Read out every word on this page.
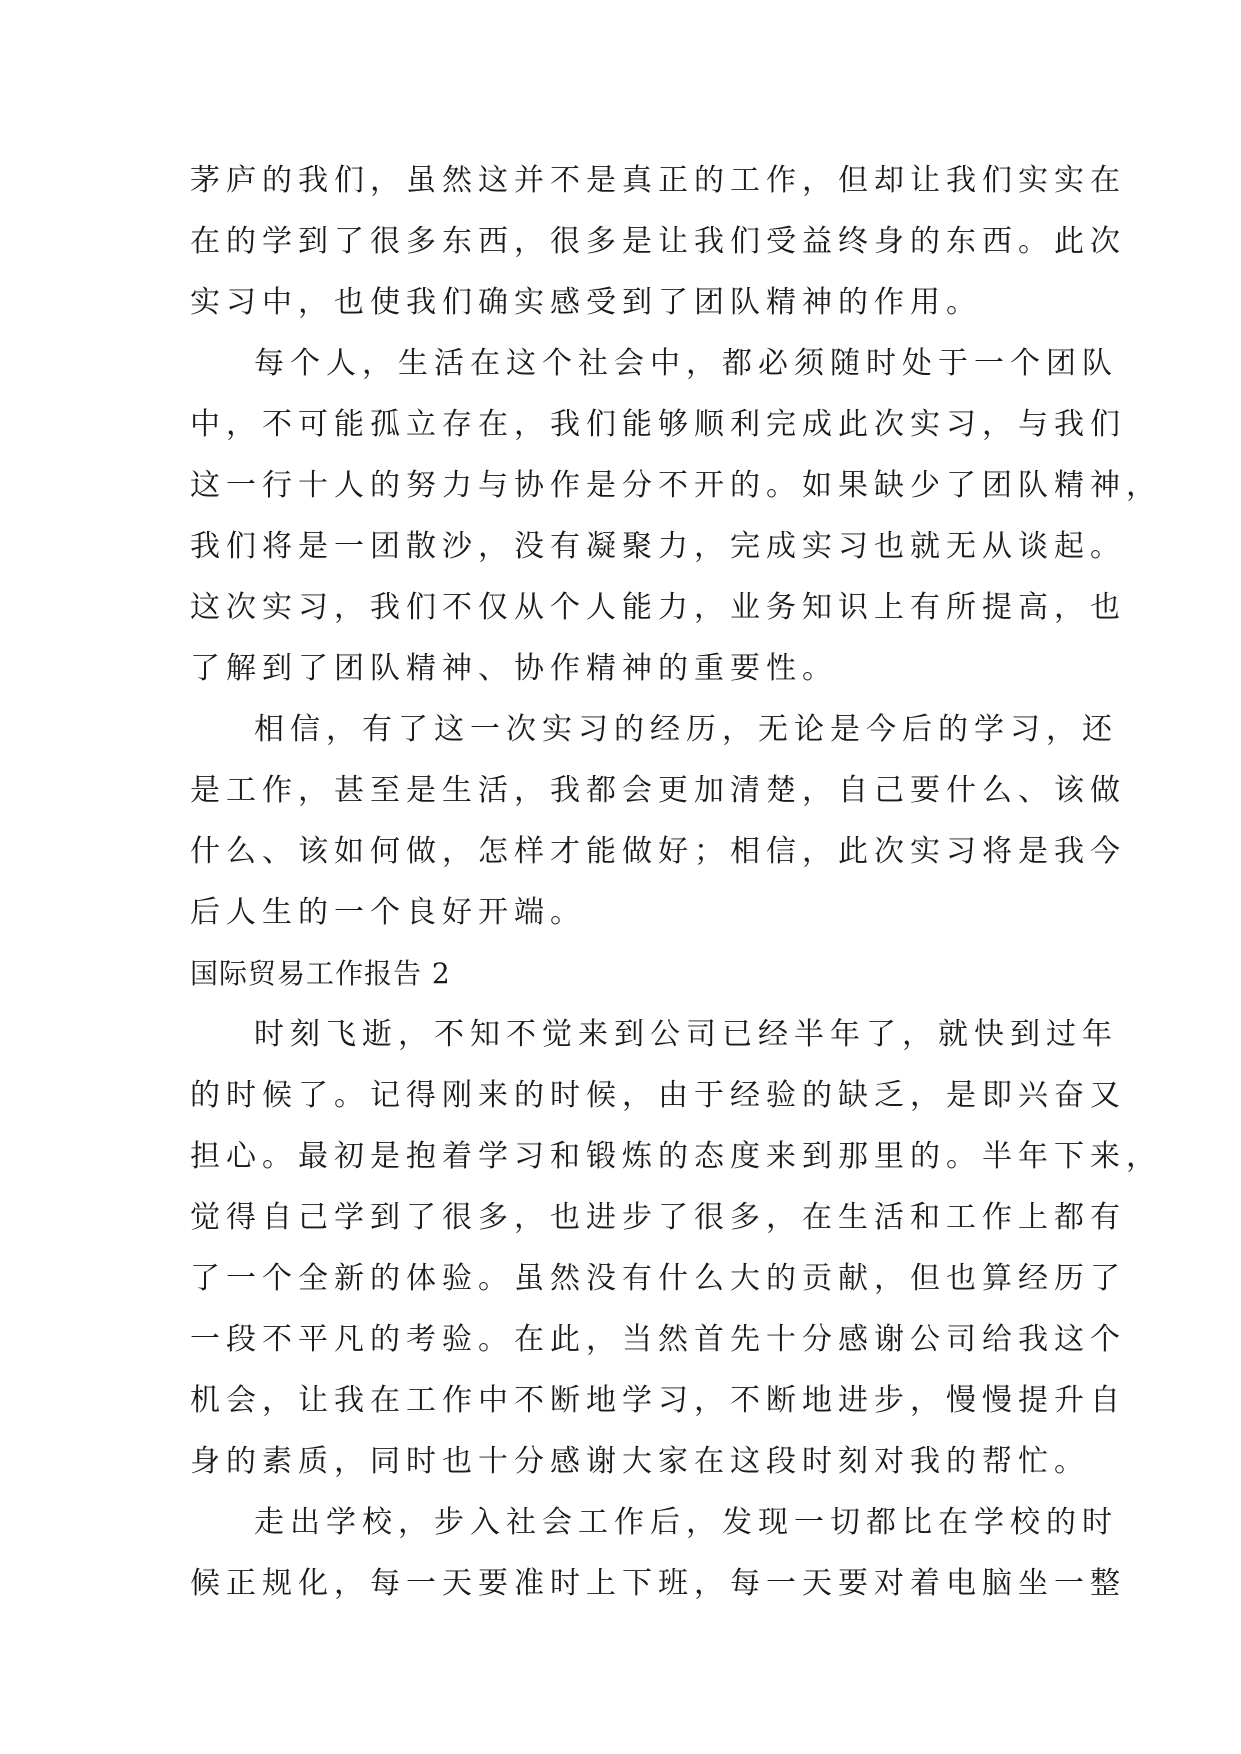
茅庐的我们，虽然这并不是真正的工作，但却让我们实实在
在的学到了很多东西，很多是让我们受益终身的东西。此次
实习中，也使我们确实感受到了团队精神的作用。
每个人，生活在这个社会中，都必须随时处于一个团队
中，不可能孤立存在，我们能够顺利完成此次实习，与我们
这一行十人的努力与协作是分不开的。如果缺少了团队精神，
我们将是一团散沙，没有凝聚力，完成实习也就无从谈起。
这次实习，我们不仅从个人能力，业务知识上有所提高，也
了解到了团队精神、协作精神的重要性。
相信，有了这一次实习的经历，无论是今后的学习，还
是工作，甚至是生活，我都会更加清楚，自己要什么、该做
什么、该如何做，怎样才能做好；相信，此次实习将是我今
后人生的一个良好开端。
国际贸易工作报告 2
时刻飞逝，不知不觉来到公司已经半年了，就快到过年
的时候了。记得刚来的时候，由于经验的缺乏，是即兴奋又
担心。最初是抱着学习和锻炼的态度来到那里的。半年下来，
觉得自己学到了很多，也进步了很多，在生活和工作上都有
了一个全新的体验。虽然没有什么大的贡献，但也算经历了
一段不平凡的考验。在此，当然首先十分感谢公司给我这个
机会，让我在工作中不断地学习，不断地进步，慢慢提升自
身的素质，同时也十分感谢大家在这段时刻对我的帮忙。
走出学校，步入社会工作后，发现一切都比在学校的时
候正规化，每一天要准时上下班，每一天要对着电脑坐一整
